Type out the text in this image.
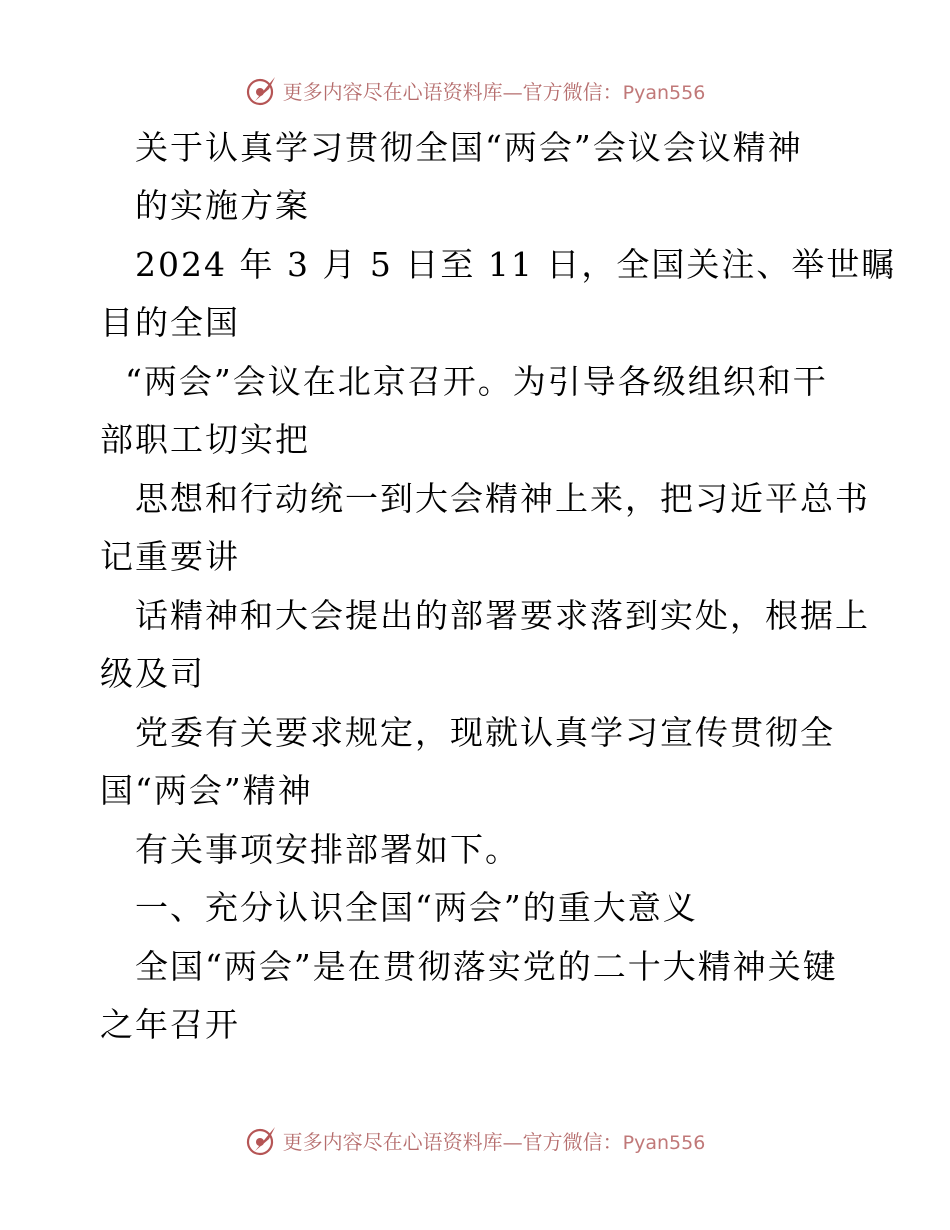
更多内容尽在心语资料库—官方微信：Pyan556
关于认真学习贯彻全国“两会”会议会议精神
的实施方案
2024 年 3 月 5 日至 11 日，全国关注、举世瞩
目的全国
“两会”会议在北京召开。为引导各级组织和干
部职工切实把
思想和行动统一到大会精神上来，把习近平总书
记重要讲
话精神和大会提出的部署要求落到实处，根据上
级及司
党委有关要求规定，现就认真学习宣传贯彻全
国“两会”精神
有关事项安排部署如下。
一、充分认识全国“两会”的重大意义
全国“两会”是在贯彻落实党的二十大精神关键
之年召开
更多内容尽在心语资料库—官方微信：Pyan556
